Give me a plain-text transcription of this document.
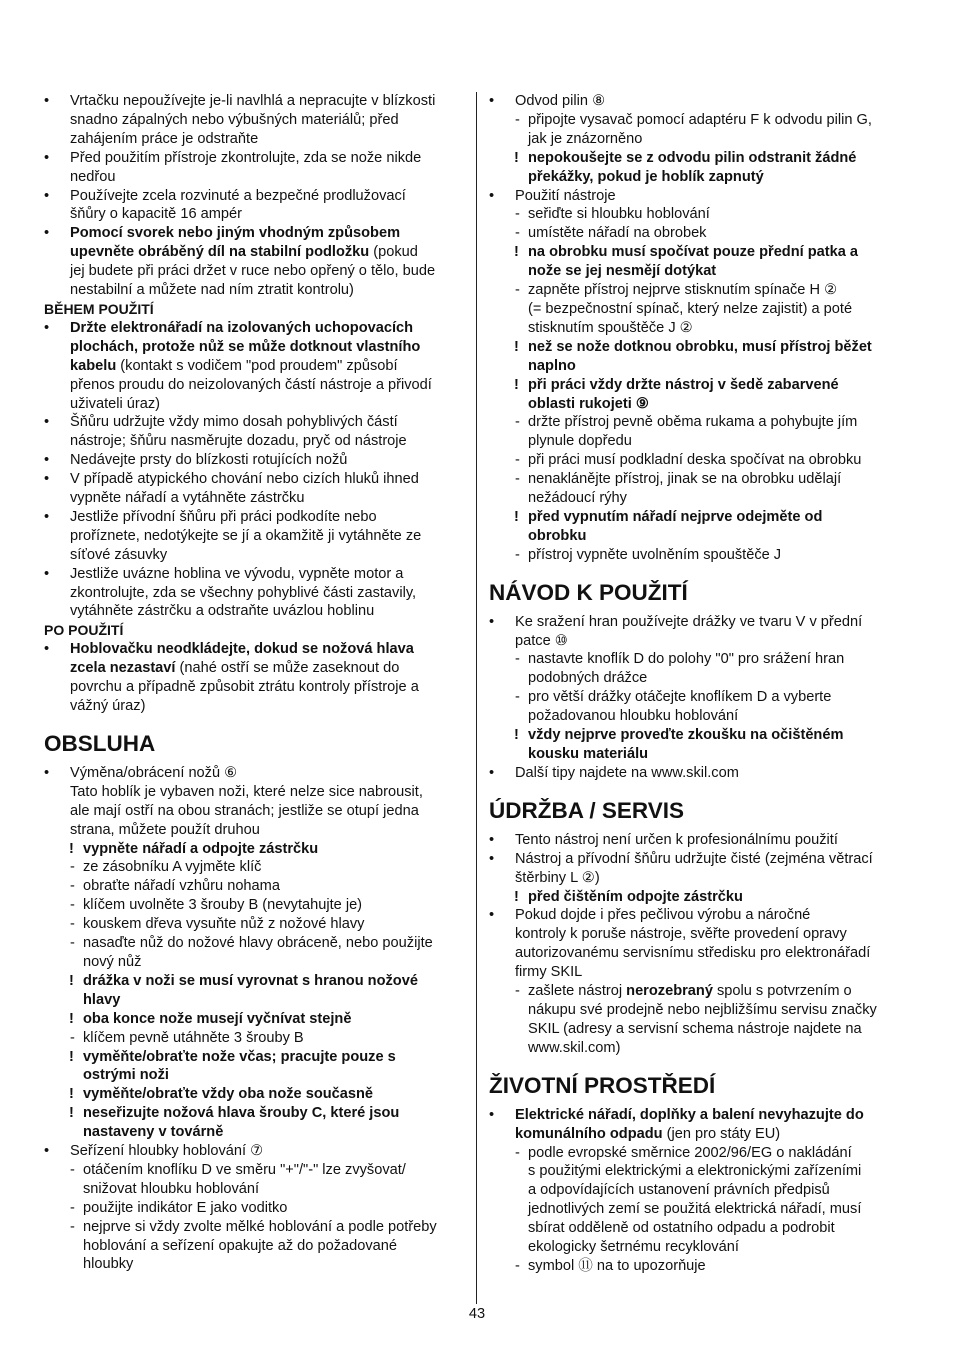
• Vrtačku nepoužívejte je-li navlhlá a nepracujte v blízkosti
snadno zápalných nebo výbušných materiálů; před
zahájením práce je odstraňte
• Před použitím přístroje zkontrolujte, zda se nože nikde
nedřou
• Používejte zcela rozvinuté a bezpečné prodlužovací
šňůry o kapacitě 16 ampér
• Pomocí svorek nebo jiným vhodným způsobem
upevněte obráběný díl na stabilní podložku (pokud
jej budete při práci držet v ruce nebo opřený o tělo, bude
nestabilní a můžete nad ním ztratit kontrolu)
BĚHEM POUŽITÍ
• Držte elektronářadí na izolovaných uchopovacích
plochách, protože nůž se může dotknout vlastního
kabelu (kontakt s vodičem "pod proudem" způsobí
přenos proudu do neizolovaných částí nástroje a přivodí
uživateli úraz)
• Šňůru udržujte vždy mimo dosah pohyblivých částí
nástroje; šňůru nasměrujte dozadu, pryč od nástroje
• Nedávejte prsty do blízkosti rotujících nožů
• V případě atypického chování nebo cizích hluků ihned
vypněte nářadí a vytáhněte zástrčku
• Jestliže přívodní šňůru při práci podkodíte nebo
proříznete, nedotýkejte se jí a okamžitě ji vytáhněte ze
síťové zásuvky
• Jestliže uvázne hoblina ve vývodu, vypněte motor a
zkontrolujte, zda se všechny pohyblivé části zastavily,
vytáhněte zástrčku a odstraňte uvázlou hoblinu
PO POUŽITÍ
• Hoblovačku neodkládejte, dokud se nožová hlava
zcela nezastaví (nahé ostří se může zaseknout do
povrchu a případně způsobit ztrátu kontroly přístroje a
vážný úraz)
OBSLUHA
• Výměna/obrácení nožů ⑥
Tato hoblík je vybaven noži, které nelze sice nabrousit,
ale mají ostří na obou stranách; jestliže se otupí jedna
strana, můžete použít druhou
! vypněte nářadí a odpojte zástrčku
- ze zásobníku A vyjměte klíč
- obraťte nářadí vzhůru nohama
- klíčem uvolněte 3 šrouby B (nevytahujte je)
- kouskem dřeva vysuňte nůž z nožové hlavy
- nasaďte nůž do nožové hlavy obráceně, nebo použijte
nový nůž
! drážka v noži se musí vyrovnat s hranou nožové
hlavy
! oba konce nože musejí vyčnívat stejně
- klíčem pevně utáhněte 3 šrouby B
! vyměňte/obraťte nože včas; pracujte pouze s
ostrými noži
! vyměňte/obraťte vždy oba nože současně
! neseřizujte nožová hlava šrouby C, které jsou
nastaveny v továrně
• Seřízení hloubky hoblování ⑦
- otáčením knoflíku D ve směru "+"/"-" lze zvyšovat/
snižovat hloubku hoblování
- použijte indikátor E jako voditko
- nejprve si vždy zvolte mělké hoblování a podle potřeby
hoblování a seřízení opakujte až do požadované
hloubky
• Odvod pilin ⑧
- připojte vysavač pomocí adaptéru F k odvodu pilin G,
jak je znázorněno
! nepokoušejte se z odvodu pilin odstranit žádné
překážky, pokud je hoblík zapnutý
• Použití nástroje
- seřiďte si hloubku hoblování
- umístěte nářadí na obrobek
! na obrobku musí spočívat pouze přední patka a
nože se jej nesmějí dotýkat
- zapněte přístroj nejprve stisknutím spínače H ②
(= bezpečnostní spínač, který nelze zajistit) a poté
stisknutím spouštěče J ②
! než se nože dotknou obrobku, musí přístroj běžet
naplno
! při práci vždy držte nástroj v šedě zabarvené
oblasti rukojeti ⑨
- držte přístroj pevně oběma rukama a pohybujte jím
plynule dopředu
- při práci musí podkladní deska spočívat na obrobku
- nenaklánějte přístroj, jinak se na obrobku udělají
nežádoucí rýhy
! před vypnutím nářadí nejprve odejměte od
obrobku
- přístroj vypněte uvolněním spouštěče J
NÁVOD K POUŽITÍ
• Ke sražení hran používejte drážky ve tvaru V v přední
patce ⑩
- nastavte knoflík D do polohy "0" pro srážení hran
podobných drážce
- pro větší drážky otáčejte knoflíkem D a vyberte
požadovanou hloubku hoblování
! vždy nejprve proveďte zkoušku na očištěném
kousku materiálu
• Další tipy najdete na www.skil.com
ÚDRŽBA / SERVIS
• Tento nástroj není určen k profesionálnímu použití
• Nástroj a přívodní šňůru udržujte čisté (zejména větrací
štěrbiny L ②)
! před čištěním odpojte zástrčku
• Pokud dojde i přes pečlivou výrobu a náročné
kontroly k poruše nástroje, svěřte provedení opravy
autorizovanému servisnímu středisku pro elektronářadí
firmy SKIL
- zašlete nástroj nerozebraný spolu s potvrzením o
nákupu své prodejně nebo nejbližšímu servisu značky
SKIL (adresy a servisní schema nástroje najdete na
www.skil.com)
ŽIVOTNÍ PROSTŘEDÍ
• Elektrické nářadí, doplňky a balení nevyhazujte do
komunálního odpadu (jen pro státy EU)
- podle evropské směrnice 2002/96/EG o nakládání
s použitými elektrickými a elektronickými zařízeními
a odpovídajících ustanovení právních předpisů
jednotlivých zemí se použitá elektrická nářadí, musí
sbírat odděleně od ostatního odpadu a podrobit
ekologicky šetrnému recyklování
- symbol ⑪ na to upozorňuje
43
